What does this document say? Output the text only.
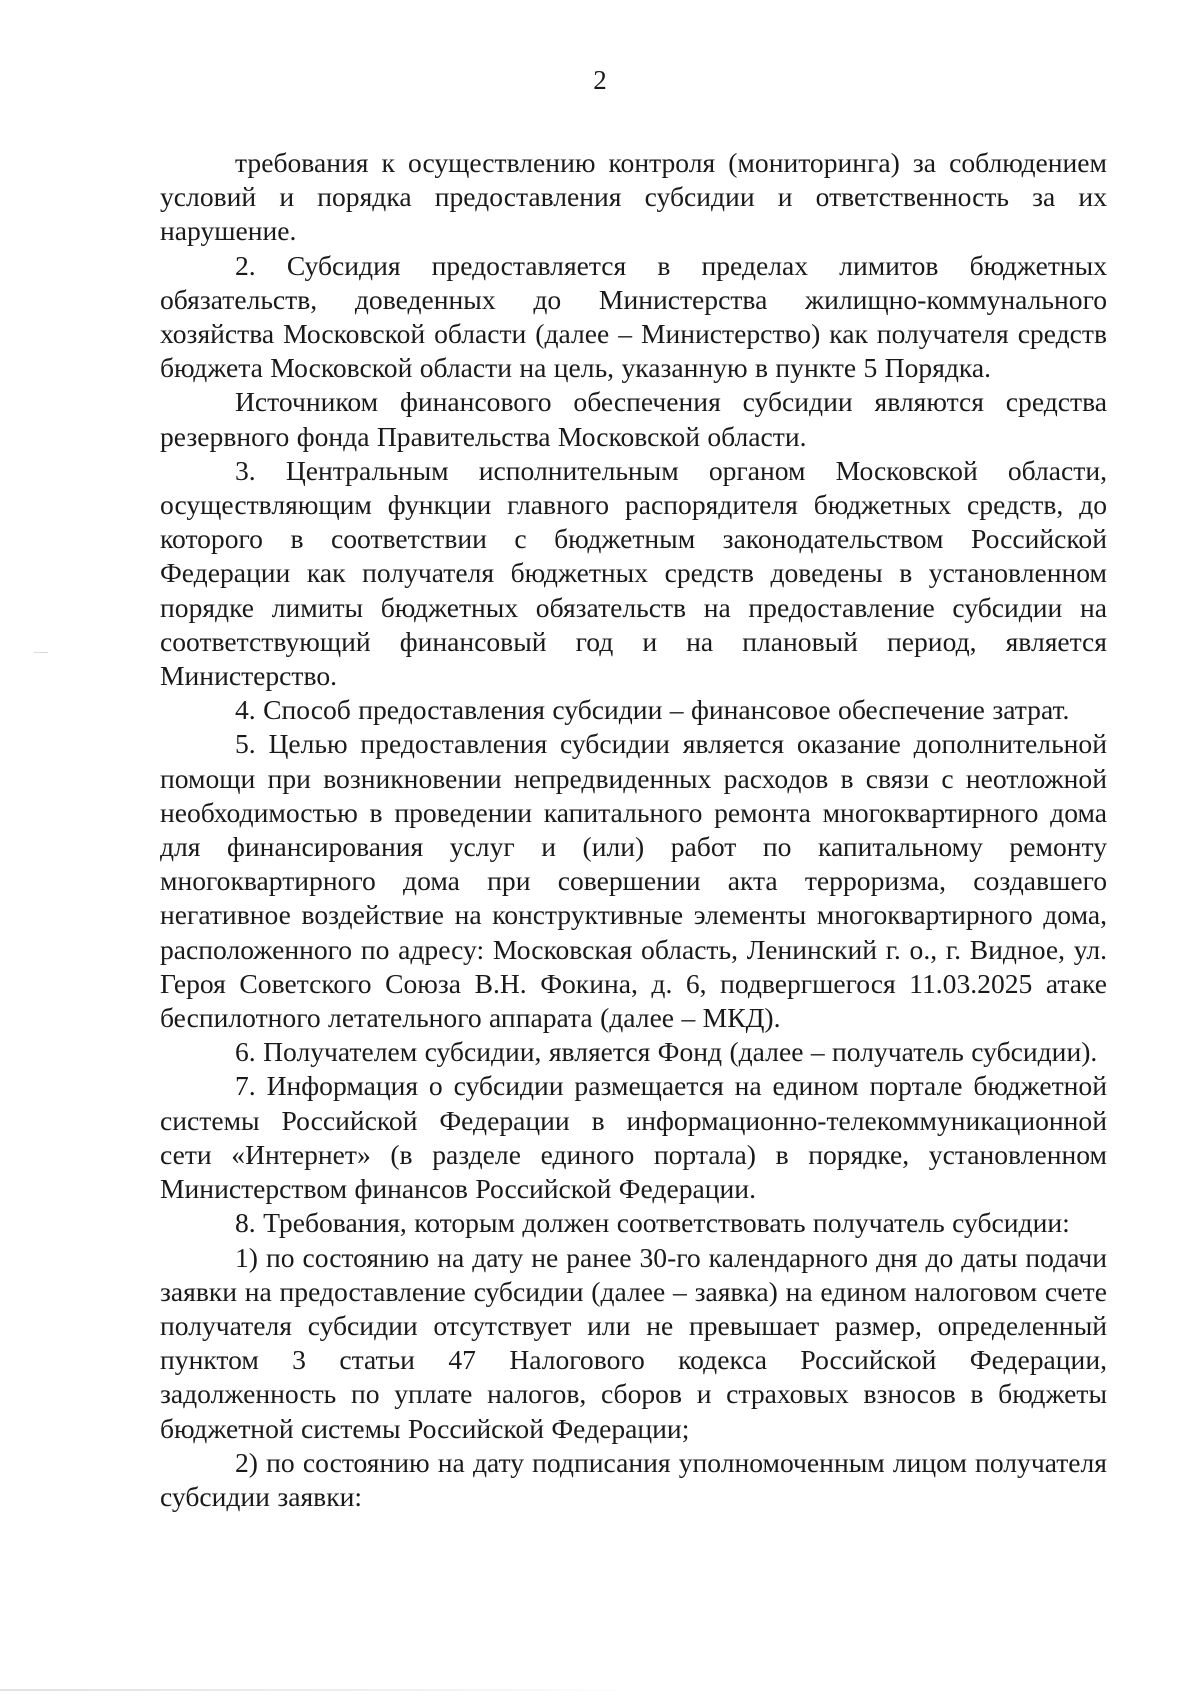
2

требования к осуществлению контроля (мониторинга) за соблюдением условий и порядка предоставления субсидии и ответственность за их нарушение.

2. Субсидия предоставляется в пределах лимитов бюджетных обязательств, доведенных до Министерства жилищно-коммунального хозяйства Московской области (далее – Министерство) как получателя средств бюджета Московской области на цель, указанную в пункте 5 Порядка.

Источником финансового обеспечения субсидии являются средства резервного фонда Правительства Московской области.

3. Центральным исполнительным органом Московской области, осуществляющим функции главного распорядителя бюджетных средств, до которого в соответствии с бюджетным законодательством Российской Федерации как получателя бюджетных средств доведены в установленном порядке лимиты бюджетных обязательств на предоставление субсидии на соответствующий финансовый год и на плановый период, является Министерство.

4. Способ предоставления субсидии – финансовое обеспечение затрат.

5. Целью предоставления субсидии является оказание дополнительной помощи при возникновении непредвиденных расходов в связи с неотложной необходимостью в проведении капитального ремонта многоквартирного дома для финансирования услуг и (или) работ по капитальному ремонту многоквартирного дома при совершении акта терроризма, создавшего негативное воздействие на конструктивные элементы многоквартирного дома, расположенного по адресу: Московская область, Ленинский г. о., г. Видное, ул. Героя Советского Союза В.Н. Фокина, д. 6, подвергшегося 11.03.2025 атаке беспилотного летательного аппарата (далее – МКД).

6. Получателем субсидии, является Фонд (далее – получатель субсидии).

7. Информация о субсидии размещается на едином портале бюджетной системы Российской Федерации в информационно-телекоммуникационной сети «Интернет» (в разделе единого портала) в порядке, установленном Министерством финансов Российской Федерации.

8. Требования, которым должен соответствовать получатель субсидии:

1) по состоянию на дату не ранее 30-го календарного дня до даты подачи заявки на предоставление субсидии (далее – заявка) на едином налоговом счете получателя субсидии отсутствует или не превышает размер, определенный пунктом 3 статьи 47 Налогового кодекса Российской Федерации, задолженность по уплате налогов, сборов и страховых взносов в бюджеты бюджетной системы Российской Федерации;

2) по состоянию на дату подписания уполномоченным лицом получателя субсидии заявки:
